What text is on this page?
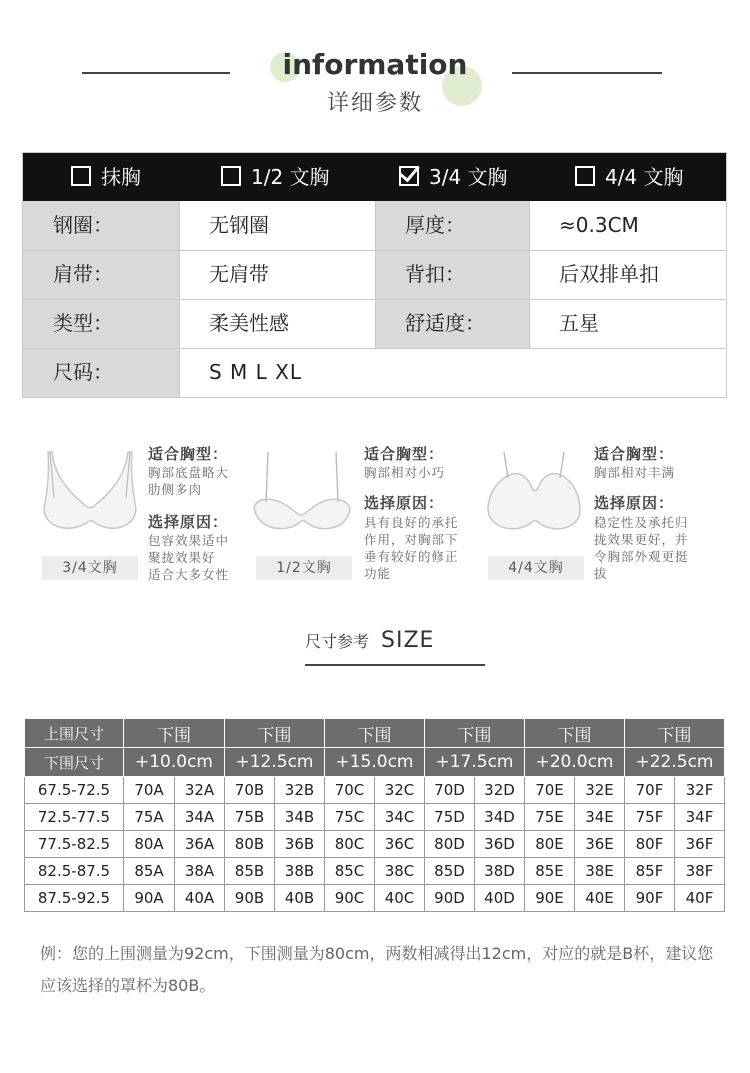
information
详细参数
抹胸	1/2 文胸	3/4 文胸	4/4 文胸
钢圈：	无钢圈	厚度：	≈0.3CM
肩带：	无肩带	背扣：	后双排单扣
类型：	柔美性感	舒适度：	五星
尺码：	S M L XL
3/4文胸
适合胸型：
胸部底盘略大
肋侧多肉
选择原因：
包容效果适中
聚拢效果好
适合大多女性	1/2文胸
适合胸型：
胸部相对小巧
选择原因：
具有良好的承托
作用，对胸部下
垂有较好的修正
功能	4/4文胸
适合胸型：
胸部相对丰满
选择原因：
稳定性及承托归
拢效果更好，并
令胸部外观更挺
拔
尺寸参考 SIZE
上围尺寸	下围		下围		下围		下围		下围		下围	
下围尺寸	+10.0cm		+12.5cm		+15.0cm		+17.5cm		+20.0cm		+22.5cm	
67.5-72.5	70A	32A	70B	32B	70C	32C	70D	32D	70E	32E	70F	32F
72.5-77.5	75A	34A	75B	34B	75C	34C	75D	34D	75E	34E	75F	34F
77.5-82.5	80A	36A	80B	36B	80C	36C	80D	36D	80E	36E	80F	36F
82.5-87.5	85A	38A	85B	38B	85C	38C	85D	38D	85E	38E	85F	38F
87.5-92.5	90A	40A	90B	40B	90C	40C	90D	40D	90E	40E	90F	40F
例：您的上围测量为92cm，下围测量为80cm，两数相减得出12cm，对应的就是B杯，建议您应该选择的罩杯为80B。
